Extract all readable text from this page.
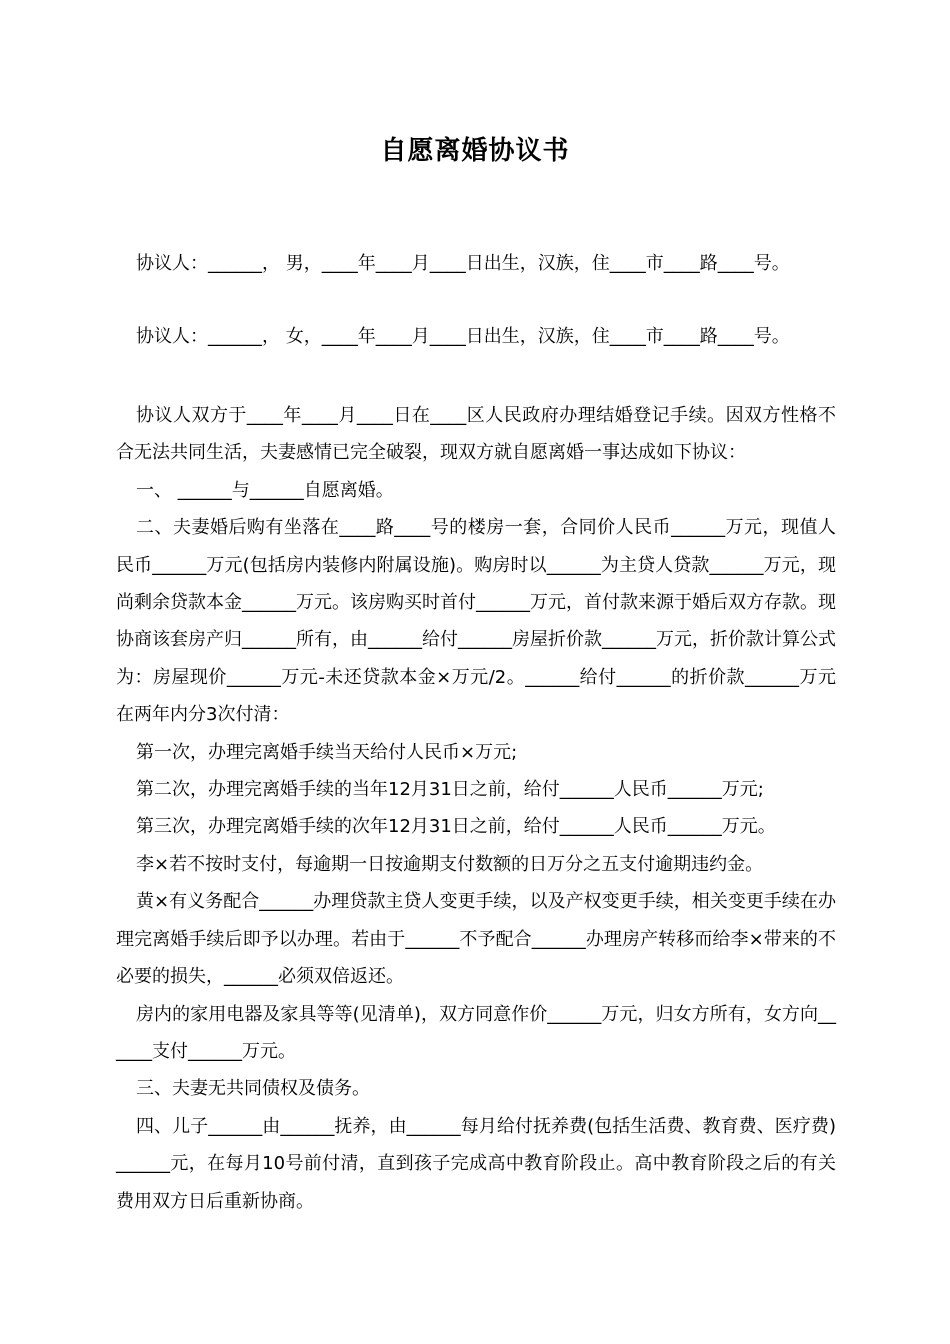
自愿离婚协议书
协议人：______， 男，____年____月____日出生，汉族，住____市____路____号。
协议人：______， 女，____年____月____日出生，汉族，住____市____路____号。

协议人双方于____年____月____日在____区人民政府办理结婚登记手续。因双方性格不合无法共同生活，夫妻感情已完全破裂，现双方就自愿离婚一事达成如下协议：

一、 ______与______自愿离婚。

二、夫妻婚后购有坐落在____路____号的楼房一套，合同价人民币______万元，现值人民币______万元(包括房内装修内附属设施)。购房时以______为主贷人贷款______万元，现尚剩余贷款本金______万元。该房购买时首付______万元，首付款来源于婚后双方存款。现协商该套房产归______所有，由______给付______房屋折价款______万元，折价款计算公式为：房屋现价______万元-未还贷款本金×万元/2。______给付______的折价款______万元在两年内分3次付清：

第一次，办理完离婚手续当天给付人民币×万元;

第二次，办理完离婚手续的当年12月31日之前，给付______人民币______万元;

第三次，办理完离婚手续的次年12月31日之前，给付______人民币______万元。

李×若不按时支付，每逾期一日按逾期支付数额的日万分之五支付逾期违约金。

黄×有义务配合______办理贷款主贷人变更手续，以及产权变更手续，相关变更手续在办理完离婚手续后即予以办理。若由于______不予配合______办理房产转移而给李×带来的不必要的损失，______必须双倍返还。

房内的家用电器及家具等等(见清单)，双方同意作价______万元，归女方所有，女方向______支付______万元。

三、夫妻无共同债权及债务。

四、儿子______由______抚养，由______每月给付抚养费(包括生活费、教育费、医疗费)______元，在每月10号前付清，直到孩子完成高中教育阶段止。高中教育阶段之后的有关费用双方日后重新协商。
